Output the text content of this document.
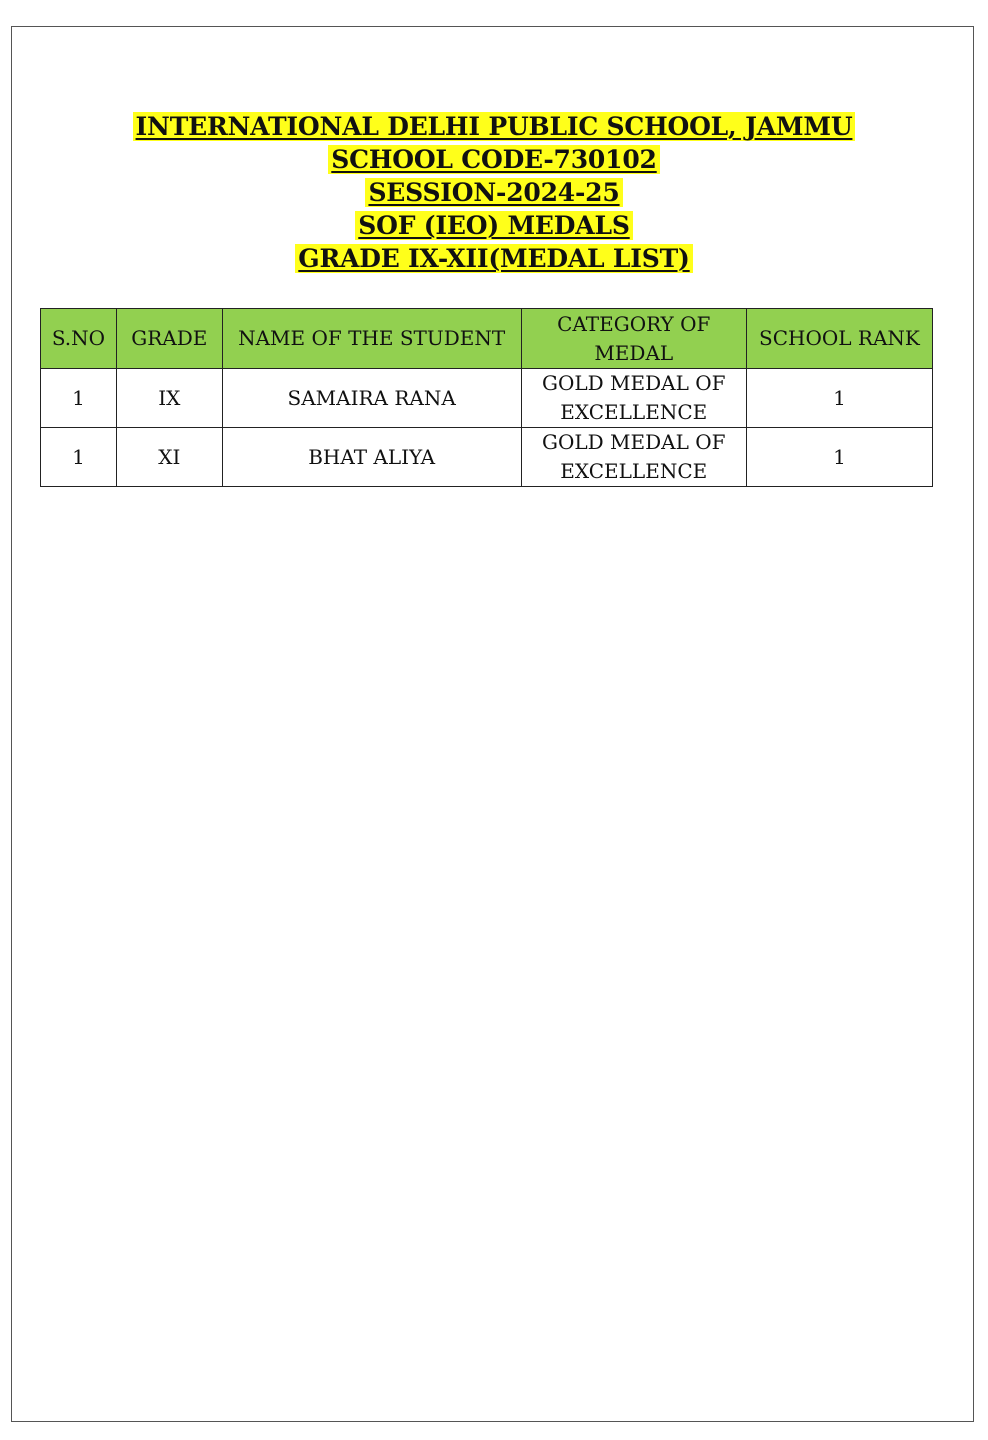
INTERNATIONAL DELHI PUBLIC SCHOOL, JAMMU
SCHOOL CODE-730102
SESSION-2024-25
SOF (IEO) MEDALS
GRADE IX-XII(MEDAL LIST)
S.NO	GRADE	NAME OF THE STUDENT	CATEGORY OF MEDAL	SCHOOL RANK
1	IX	SAMAIRA RANA	GOLD MEDAL OF EXCELLENCE	1
1	XI	BHAT ALIYA	GOLD MEDAL OF EXCELLENCE	1
